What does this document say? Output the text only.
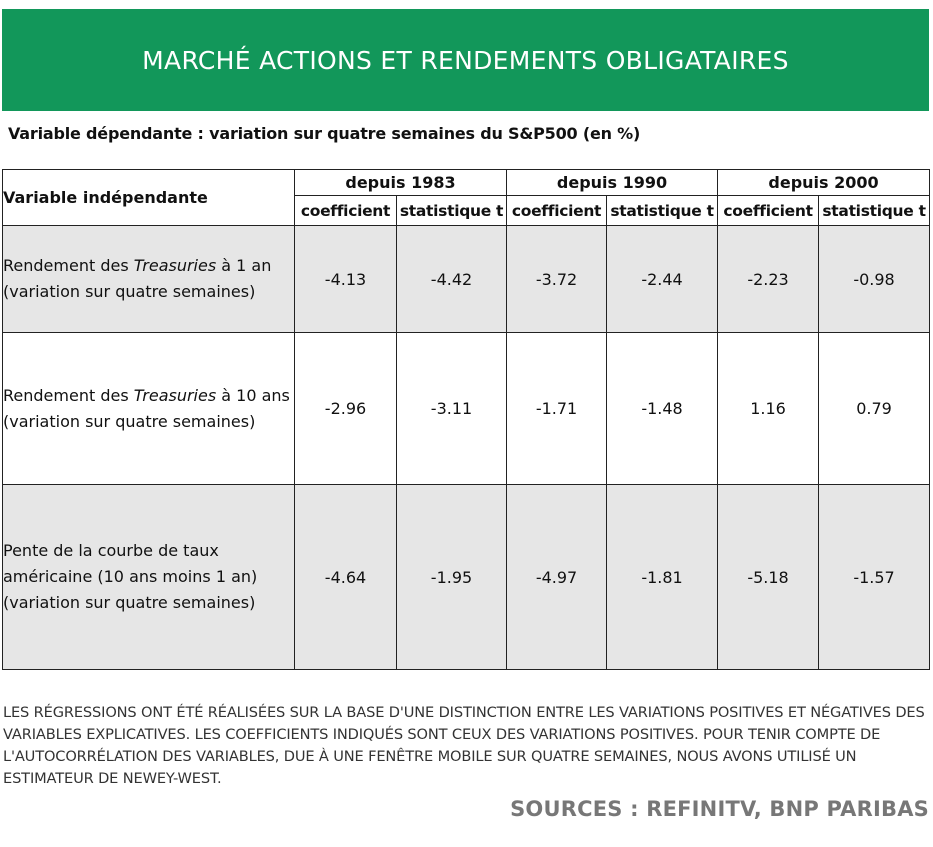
MARCHÉ ACTIONS ET RENDEMENTS OBLIGATAIRES
Variable dépendante : variation sur quatre semaines du S&P500 (en %)
Variable indépendante	depuis 1983		depuis 1990		depuis 2000	
	coefficient	statistique t	coefficient	statistique t	coefficient	statistique t
Rendement des Treasuries à 1 an (variation sur quatre semaines)	-4.13	-4.42	-3.72	-2.44	-2.23	-0.98
Rendement des Treasuries à 10 ans (variation sur quatre semaines)	-2.96	-3.11	-1.71	-1.48	1.16	0.79
Pente de la courbe de taux américaine (10 ans moins 1 an) (variation sur quatre semaines)	-4.64	-1.95	-4.97	-1.81	-5.18	-1.57
LES RÉGRESSIONS ONT ÉTÉ RÉALISÉES SUR LA BASE D'UNE DISTINCTION ENTRE LES VARIATIONS POSITIVES ET NÉGATIVES DES VARIABLES EXPLICATIVES. LES COEFFICIENTS INDIQUÉS SONT CEUX DES VARIATIONS POSITIVES. POUR TENIR COMPTE DE L'AUTOCORRÉLATION DES VARIABLES, DUE À UNE FENÊTRE MOBILE SUR QUATRE SEMAINES, NOUS AVONS UTILISÉ UN ESTIMATEUR DE NEWEY-WEST.
SOURCES : REFINITV, BNP PARIBAS
